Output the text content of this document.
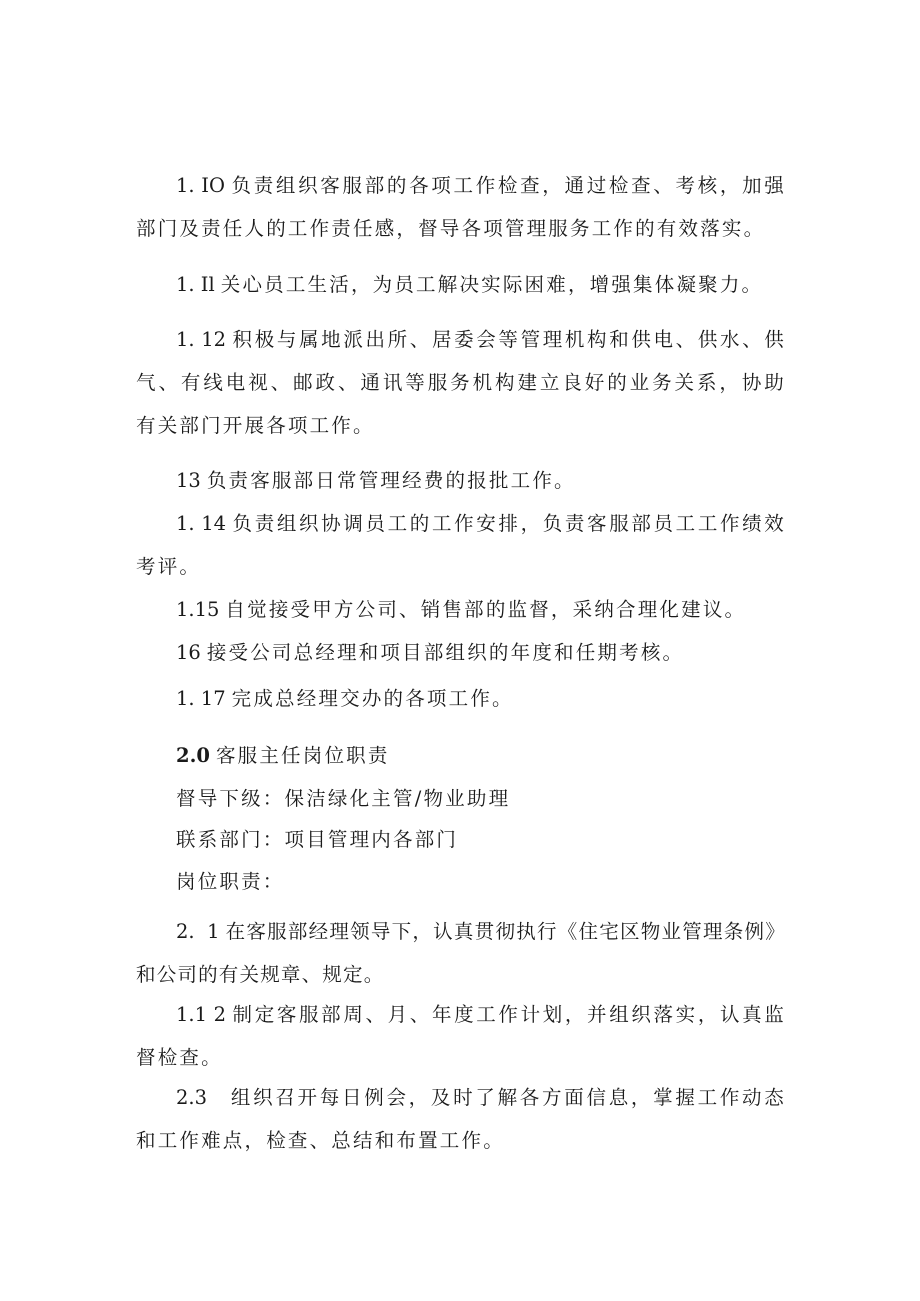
1. IO 负责组织客服部的各项工作检查，通过检查、考核，加强部门及责任人的工作责任感，督导各项管理服务工作的有效落实。

1. Il 关心员工生活，为员工解决实际困难，增强集体凝聚力。

1. 12 积极与属地派出所、居委会等管理机构和供电、供水、供气、有线电视、邮政、通讯等服务机构建立良好的业务关系，协助有关部门开展各项工作。

13 负责客服部日常管理经费的报批工作。

1. 14 负责组织协调员工的工作安排，负责客服部员工工作绩效考评。

1.15 自觉接受甲方公司、销售部的监督，采纳合理化建议。

16 接受公司总经理和项目部组织的年度和任期考核。

1. 17 完成总经理交办的各项工作。

2.0 客服主任岗位职责

督导下级：保洁绿化主管/物业助理

联系部门：项目管理内各部门

岗位职责：

2.  1 在客服部经理领导下，认真贯彻执行《住宅区物业管理条例》和公司的有关规章、规定。

1.1 2 制定客服部周、月、年度工作计划，并组织落实，认真监督检查。

2.3  组织召开每日例会，及时了解各方面信息，掌握工作动态和工作难点，检查、总结和布置工作。
